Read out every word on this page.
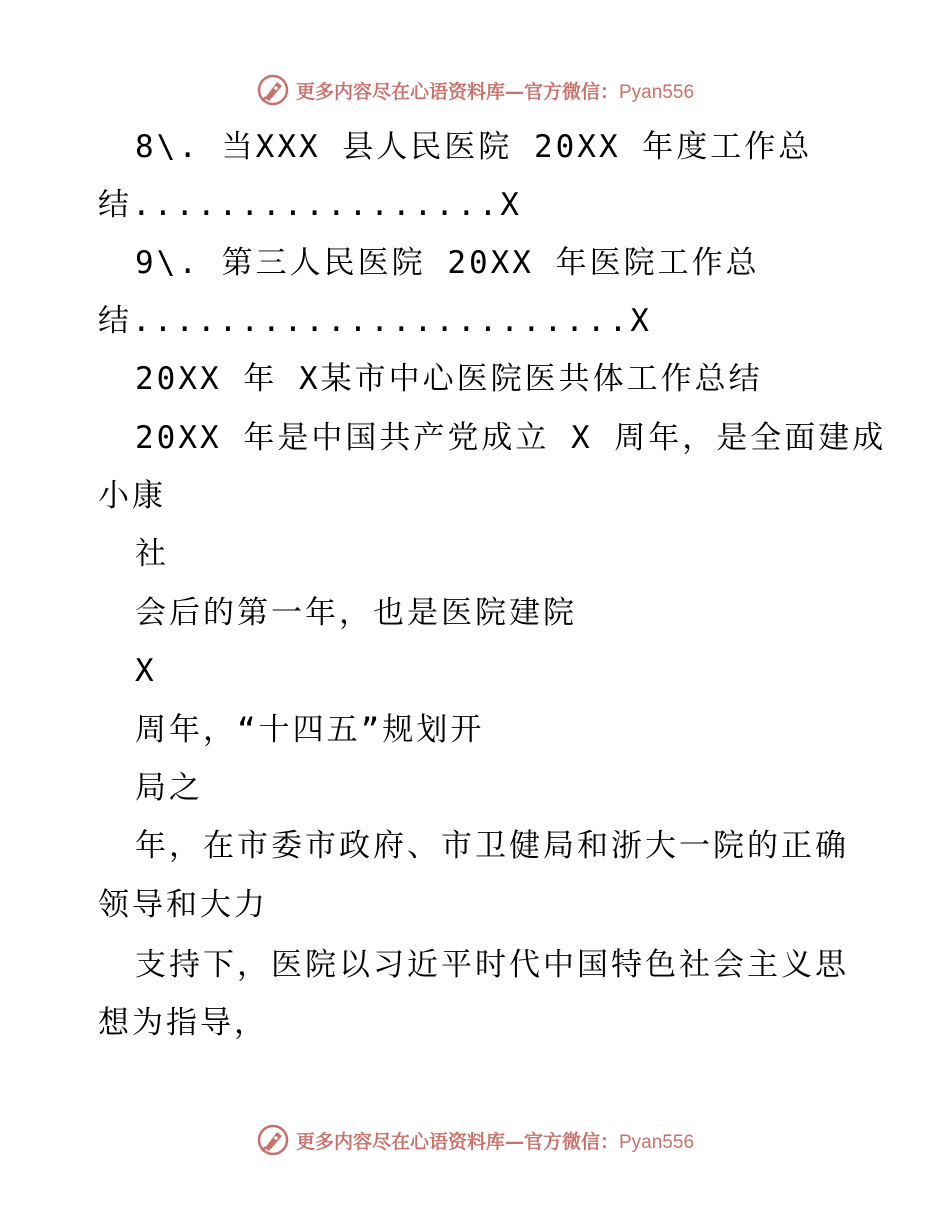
更多内容尽在心语资料库—官方微信：Pyan556
8\. 当XXX 县人民医院 20XX 年度工作总
结.................X
9\. 第三人民医院 20XX 年医院工作总
结.......................X
20XX 年 X某市中心医院医共体工作总结
20XX 年是中国共产党成立 X 周年，是全面建成
小康
社
会后的第一年，也是医院建院
X
周年，“十四五”规划开
局之
年，在市委市政府、市卫健局和浙大一院的正确
领导和大力
支持下，医院以习近平时代中国特色社会主义思
想为指导，
更多内容尽在心语资料库—官方微信：Pyan556
